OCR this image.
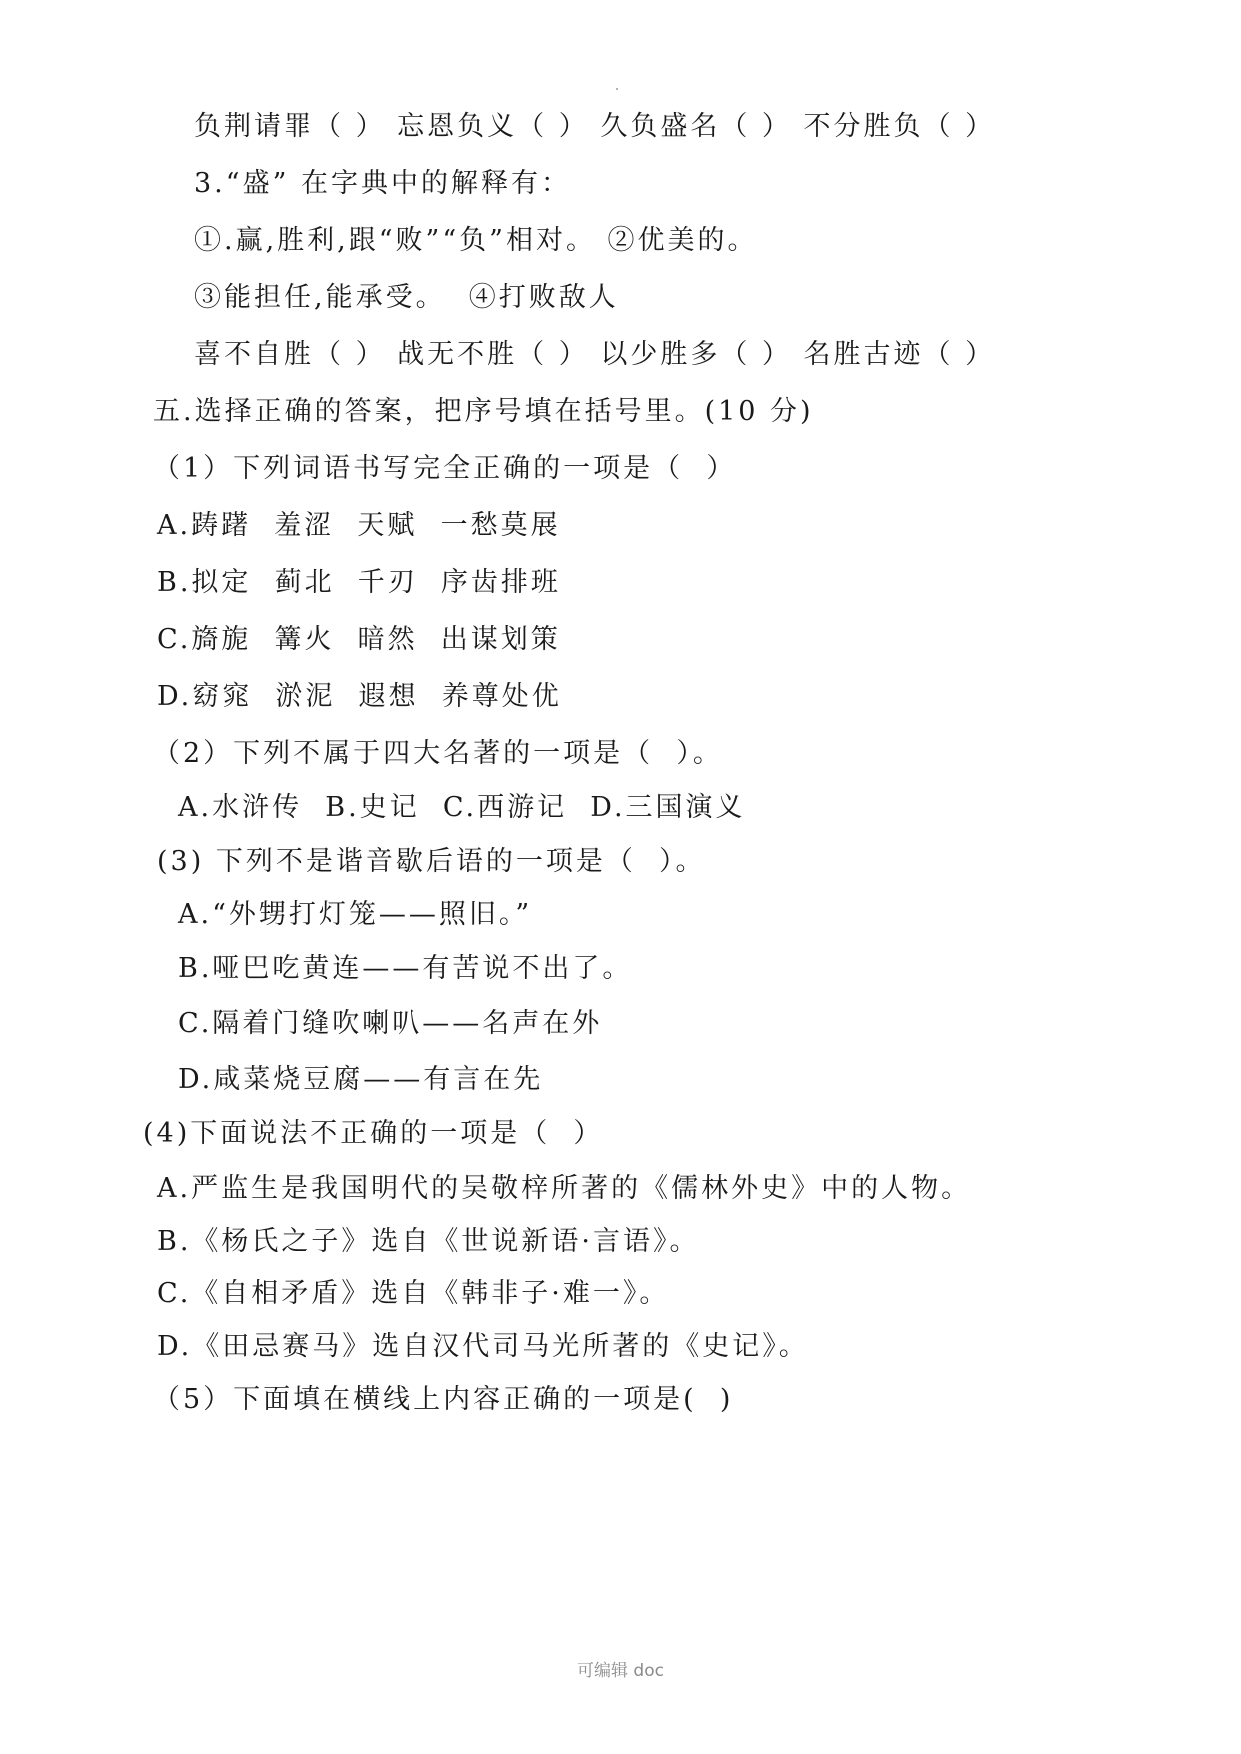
负荆请罪（ ） 忘恩负义（ ） 久负盛名（ ） 不分胜负（ ）
3.“盛” 在字典中的解释有：
①.赢,胜利,跟“败”“负”相对。 ②优美的。
③能担任,能承受。  ④打败敌人
喜不自胜（ ） 战无不胜（ ） 以少胜多（ ） 名胜古迹（ ）
五.选择正确的答案，把序号填在括号里。(10 分)
（1）下列词语书写完全正确的一项是（  ）
A.踌躇  羞涩  天赋  一愁莫展
B.拟定  蓟北  千刃  序齿排班
C.旖旎  篝火  暗然  出谋划策
D.窈窕  淤泥  遐想  养尊处优
（2）下列不属于四大名著的一项是（  ）。
A.水浒传  B.史记  C.西游记  D.三国演义
(3) 下列不是谐音歇后语的一项是（  ）。
A.“外甥打灯笼——照旧。”
B.哑巴吃黄连——有苦说不出了。
C.隔着门缝吹喇叭——名声在外
D.咸菜烧豆腐——有言在先
(4)下面说法不正确的一项是（  ）
A.严监生是我国明代的吴敬梓所著的《儒林外史》中的人物。
B.《杨氏之子》选自《世说新语·言语》。
C.《自相矛盾》选自《韩非子·难一》。
D.《田忌赛马》选自汉代司马光所著的《史记》。
（5）下面填在横线上内容正确的一项是(  )
可编辑 doc
